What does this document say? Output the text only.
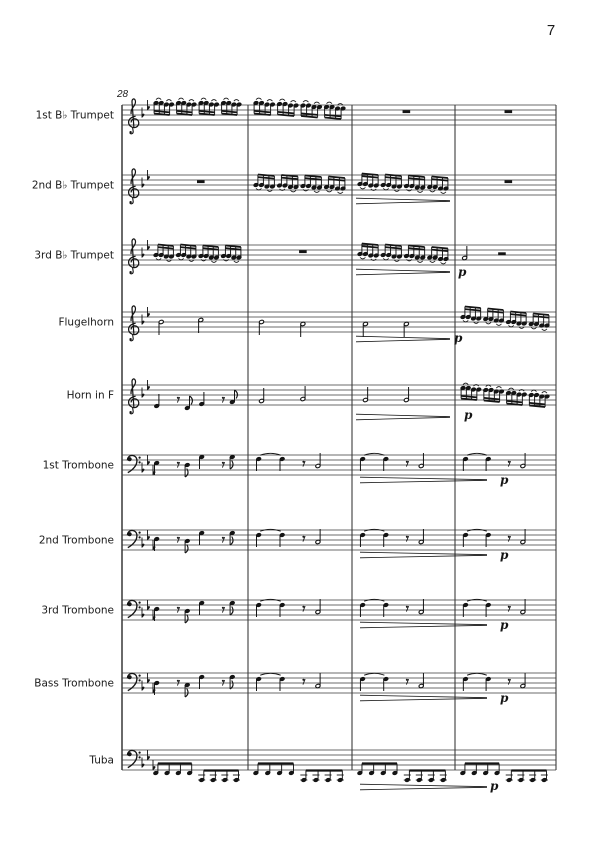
7
28
1st B♭ Trumpet
2nd B♭ Trumpet
3rd B♭ Trumpet
p
Flugelhorn
p
Horn in F
p
1st Trombone
p
2nd Trombone
p
3rd Trombone
p
Bass Trombone
p
Tuba
p
